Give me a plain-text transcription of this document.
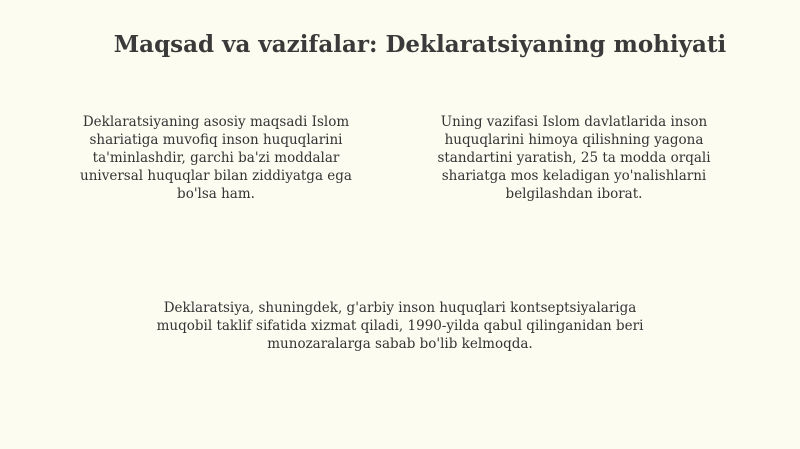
Maqsad va vazifalar: Deklaratsiyaning mohiyati

Deklaratsiyaning asosiy maqsadi Islom shariatiga muvofiq inson huquqlarini ta'minlashdir, garchi ba'zi moddalar universal huquqlar bilan ziddiyatga ega bo'lsa ham.

Uning vazifasi Islom davlatlarida inson huquqlarini himoya qilishning yagona standartini yaratish, 25 ta modda orqali shariatga mos keladigan yo'nalishlarni belgilashdan iborat.

Deklaratsiya, shuningdek, g'arbiy inson huquqlari kontseptsiyalariga muqobil taklif sifatida xizmat qiladi, 1990-yilda qabul qilinganidan beri munozaralarga sabab bo'lib kelmoqda.
